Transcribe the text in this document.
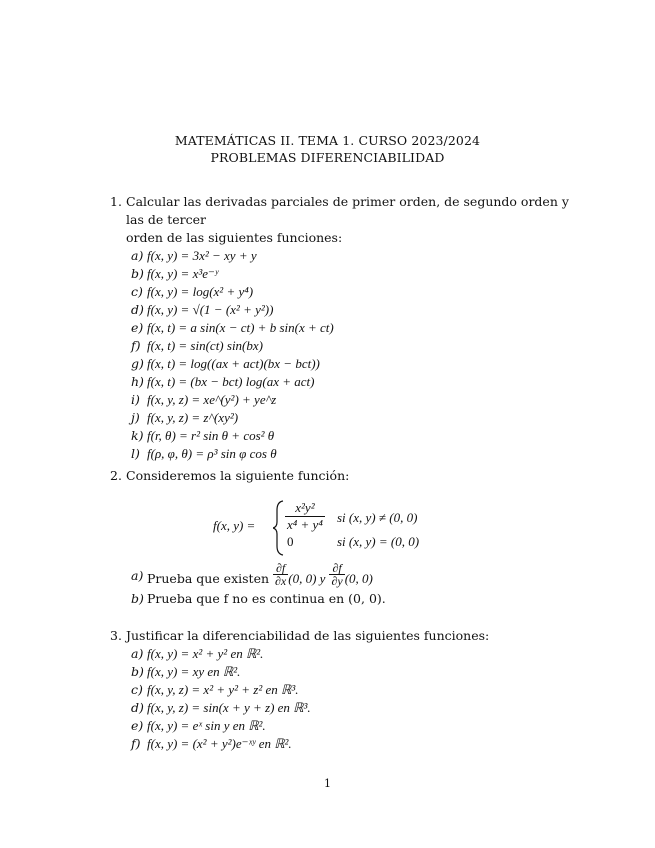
MATEMÁTICAS II. TEMA 1. CURSO 2023/2024
PROBLEMAS DIFERENCIABILIDAD
1. Calcular las derivadas parciales de primer orden, de segundo orden y las de tercer
orden de las siguientes funciones:
a) f(x, y) = 3x² − xy + y
b) f(x, y) = x³e⁻ʸ
c) f(x, y) = log(x² + y⁴)
d) f(x, y) = √(1 − (x² + y²))
e) f(x, t) = a sin(x − ct) + b sin(x + ct)
f) f(x, t) = sin(ct) sin(bx)
g) f(x, t) = log((ax + act)(bx − bct))
h) f(x, t) = (bx − bct) log(ax + act)
i) f(x, y, z) = xe^(y²) + ye^z
j) f(x, y, z) = z^(xy²)
k) f(r, θ) = r² sin θ + cos² θ
l) f(ρ, φ, θ) = ρ³ sin φ cos θ
2. Consideremos la siguiente función:
f(x, $y) = \frac{\text{x²y²}}{\text{x⁴ + y⁴}}$ si (x, y) ≠ (0, 0)
0	si (x, y) = (0, 0)
a) Prueba que existen $\frac{\partial f}{\partial x} (0$, 0) y $\frac{\partial f}{\partial y} (0$, 0)
b) Prueba que f no es continua en (0, 0).
3. Justificar la diferenciabilidad de las siguientes funciones:
a) f(x, y) = x² + y² en ℝ².
b) f(x, y) = xy en ℝ².
c) f(x, y, z) = x² + y² + z² en ℝ³.
d) f(x, y, z) = sin(x + y + z) en ℝ³.
e) f(x, y) = eˣ sin y en ℝ².
f) f(x, y) = (x² + y²)e⁻ˣʸ en ℝ².
1
